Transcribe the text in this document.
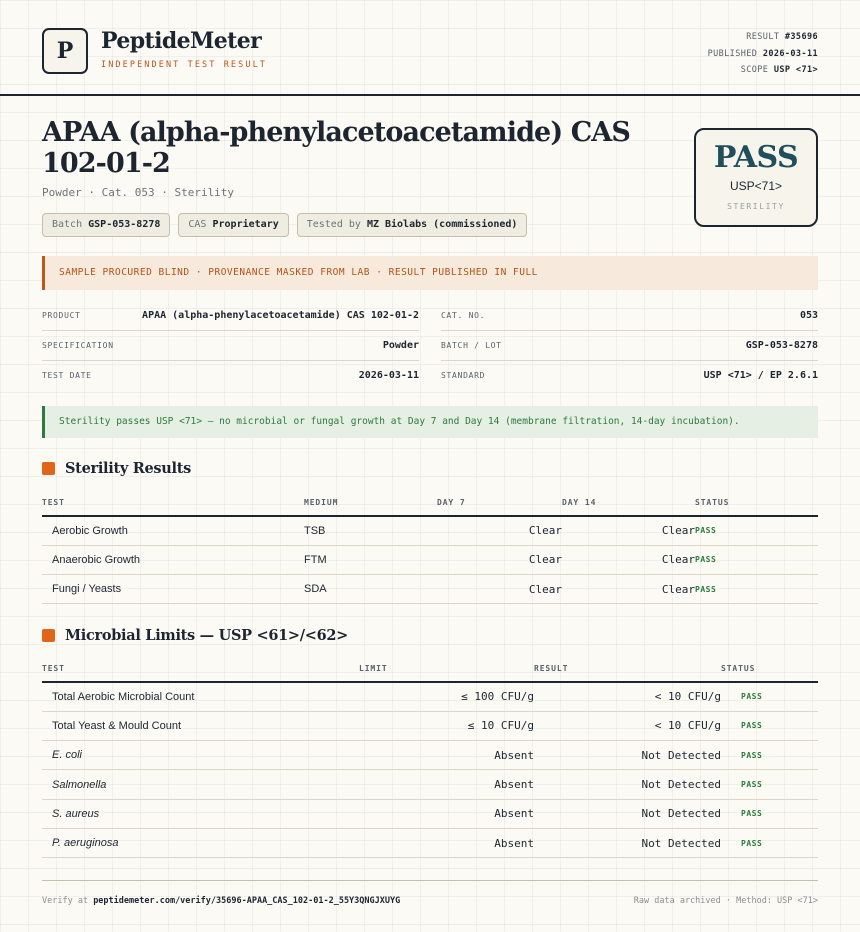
P	PeptideMeter
INDEPENDENT TEST RESULT
RESULT #35696
PUBLISHED 2026-03-11
SCOPE USP <71>
APAA (alpha-phenylacetoacetamide) CAS 102-01-2
Powder · Cat. 053 · Sterility
Batch GSP-053-8278	CAS Proprietary	Tested by MZ Biolabs (commissioned)
PASS
USP<71>
STERILITY
SAMPLE PROCURED BLIND · PROVENANCE MASKED FROM LAB · RESULT PUBLISHED IN FULL
PRODUCT	APAA (alpha-phenylacetoacetamide) CAS 102-01-2
SPECIFICATION	Powder
TEST DATE	2026-03-11
CAT. NO.	053
BATCH / LOT	GSP-053-8278
STANDARD	USP <71> / EP 2.6.1
Sterility passes USP <71> — no microbial or fungal growth at Day 7 and Day 14 (membrane filtration, 14-day incubation).
Sterility Results
TEST	MEDIUM	DAY 7	DAY 14	STATUS
Aerobic Growth	TSB	Clear	Clear	PASS
Anaerobic Growth	FTM	Clear	Clear	PASS
Fungi / Yeasts	SDA	Clear	Clear	PASS
Microbial Limits — USP <61>/<62>
TEST	LIMIT	RESULT	STATUS
Total Aerobic Microbial Count	≤ 100 CFU/g	< 10 CFU/g	PASS
Total Yeast & Mould Count	≤ 10 CFU/g	< 10 CFU/g	PASS
E. coli	Absent	Not Detected	PASS
Salmonella	Absent	Not Detected	PASS
S. aureus	Absent	Not Detected	PASS
P. aeruginosa	Absent	Not Detected	PASS
Verify at peptidemeter.com/verify/35696-APAA_CAS_102-01-2_55Y3QNGJXUYG	Raw data archived · Method: USP <71>
